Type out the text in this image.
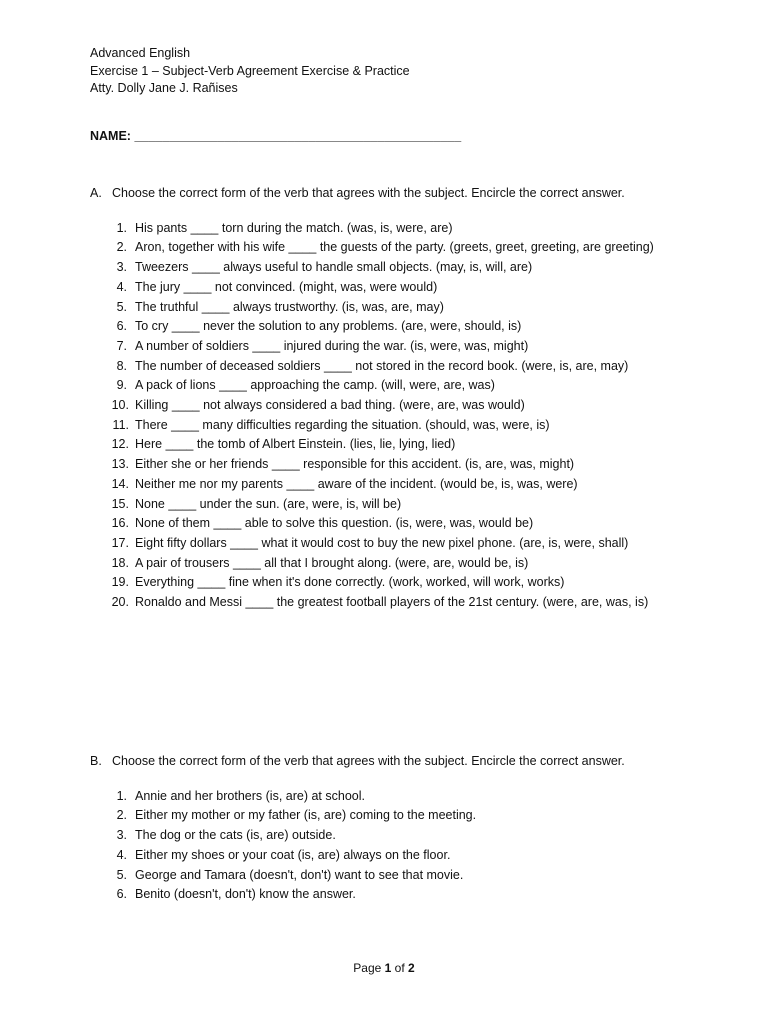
Advanced English
Exercise 1 – Subject-Verb Agreement Exercise & Practice
Atty. Dolly Jane J. Rañises
NAME: _______________________________________________
A. Choose the correct form of the verb that agrees with the subject. Encircle the correct answer.
1. His pants ____ torn during the match. (was, is, were, are)
2. Aron, together with his wife ____ the guests of the party. (greets, greet, greeting, are greeting)
3. Tweezers ____ always useful to handle small objects. (may, is, will, are)
4. The jury ____ not convinced. (might, was, were would)
5. The truthful ____ always trustworthy. (is, was, are, may)
6. To cry ____ never the solution to any problems. (are, were, should, is)
7. A number of soldiers ____ injured during the war. (is, were, was, might)
8. The number of deceased soldiers ____ not stored in the record book. (were, is, are, may)
9. A pack of lions ____ approaching the camp. (will, were, are, was)
10. Killing ____ not always considered a bad thing. (were, are, was would)
11. There ____ many difficulties regarding the situation. (should, was, were, is)
12. Here ____ the tomb of Albert Einstein. (lies, lie, lying, lied)
13. Either she or her friends ____ responsible for this accident. (is, are, was, might)
14. Neither me nor my parents ____ aware of the incident. (would be, is, was, were)
15. None ____ under the sun. (are, were, is, will be)
16. None of them ____ able to solve this question. (is, were, was, would be)
17. Eight fifty dollars ____ what it would cost to buy the new pixel phone. (are, is, were, shall)
18. A pair of trousers ____ all that I brought along. (were, are, would be, is)
19. Everything ____ fine when it's done correctly. (work, worked, will work, works)
20. Ronaldo and Messi ____ the greatest football players of the 21st century. (were, are, was, is)
B. Choose the correct form of the verb that agrees with the subject. Encircle the correct answer.
1. Annie and her brothers (is, are) at school.
2. Either my mother or my father (is, are) coming to the meeting.
3. The dog or the cats (is, are) outside.
4. Either my shoes or your coat (is, are) always on the floor.
5. George and Tamara (doesn't, don't) want to see that movie.
6. Benito (doesn't, don't) know the answer.
Page 1 of 2
